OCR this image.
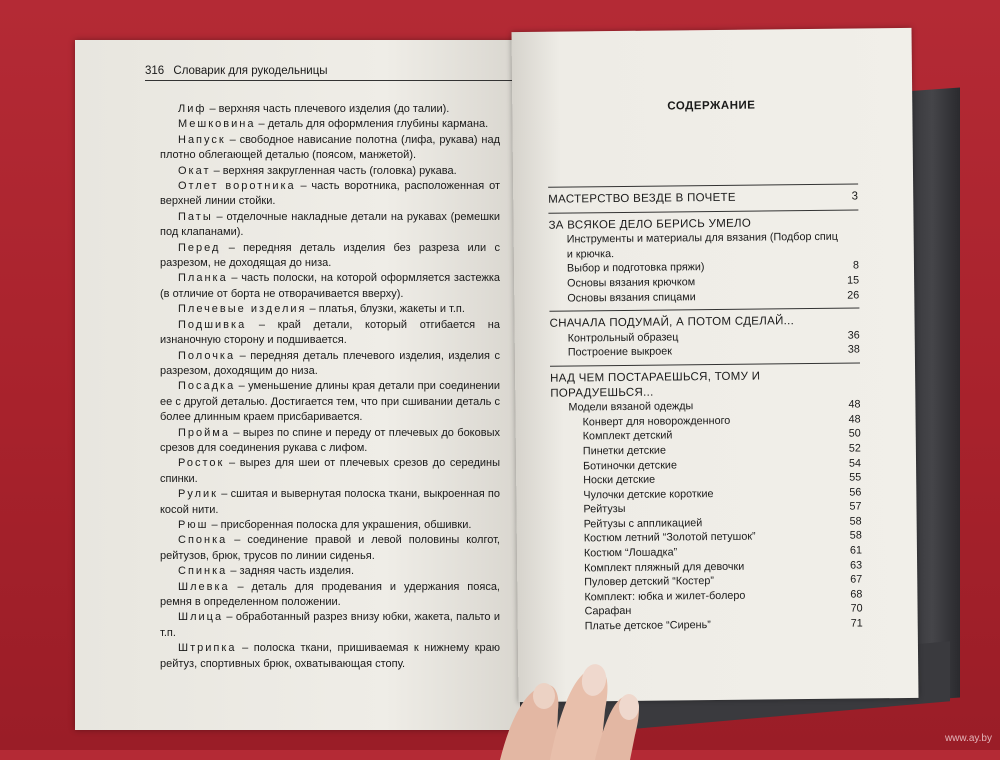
316 Словарик для рукодельницы

Лиф – верхняя часть плечевого изделия (до талии).

Мешковина – деталь для оформления глубины кармана.

Напуск – свободное нависание полотна (лифа, рукава) над плотно облегающей деталью (поясом, манжетой).

Окат – верхняя закругленная часть (головка) рукава.

Отлет воротника – часть воротника, расположенная от верхней линии стойки.

Паты – отделочные накладные детали на рукавах (ремешки под клапанами).

Перед – передняя деталь изделия без разреза или с разрезом, не доходящая до низа.

Планка – часть полоски, на которой оформляется застежка (в отличие от борта не отворачивается вверху).

Плечевые изделия – платья, блузки, жакеты и т.п.

Подшивка – край детали, который отгибается на изнаночную сторону и подшивается.

Полочка – передняя деталь плечевого изделия, изделия с разрезом, доходящим до низа.

Посадка – уменьшение длины края детали при соединении ее с другой деталью. Достигается тем, что при сшивании деталь с более длинным краем присбаривается.

Пройма – вырез по спине и переду от плечевых до боковых срезов для соединения рукава с лифом.

Росток – вырез для шеи от плечевых срезов до середины спинки.

Рулик – сшитая и вывернутая полоска ткани, выкроенная по косой нити.

Рюш – присборенная полоска для украшения, обшивки.

Спонка – соединение правой и левой половины колгот, рейтузов, брюк, трусов по линии сиденья.

Спинка – задняя часть изделия.

Шлевка – деталь для продевания и удержания пояса, ремня в определенном положении.

Шлица – обработанный разрез внизу юбки, жакета, пальто и т.п.

Штрипка – полоска ткани, пришиваемая к нижнему краю рейтуз, спортивных брюк, охватывающая стопу.

СОДЕРЖАНИЕ
МАСТЕРСТВО ВЕЗДЕ В ПОЧЕТЕ	3
ЗА ВСЯКОЕ ДЕЛО БЕРИСЬ УМЕЛО
Инструменты и материалы для вязания (Подбор спиц и крючка.
Выбор и подготовка пряжи)	8
Основы вязания крючком	15
Основы вязания спицами	26
СНАЧАЛА ПОДУМАЙ, А ПОТОМ СДЕЛАЙ...
Контрольный образец	36
Построение выкроек	38
НАД ЧЕМ ПОСТАРАЕШЬСЯ, ТОМУ И ПОРАДУЕШЬСЯ...
Модели вязаной одежды	48
Конверт для новорожденного	48
Комплект детский	50
Пинетки детские	52
Ботиночки детские	54
Носки детские	55
Чулочки детские короткие	56
Рейтузы	57
Рейтузы с аппликацией	58
Костюм летний “Золотой петушок”	58
Костюм “Лошадка”	61
Комплект пляжный для девочки	63
Пуловер детский “Костер”	67
Комплект: юбка и жилет-болеро	68
Сарафан	70
Платье детское “Сирень”	71
www.ay.by
